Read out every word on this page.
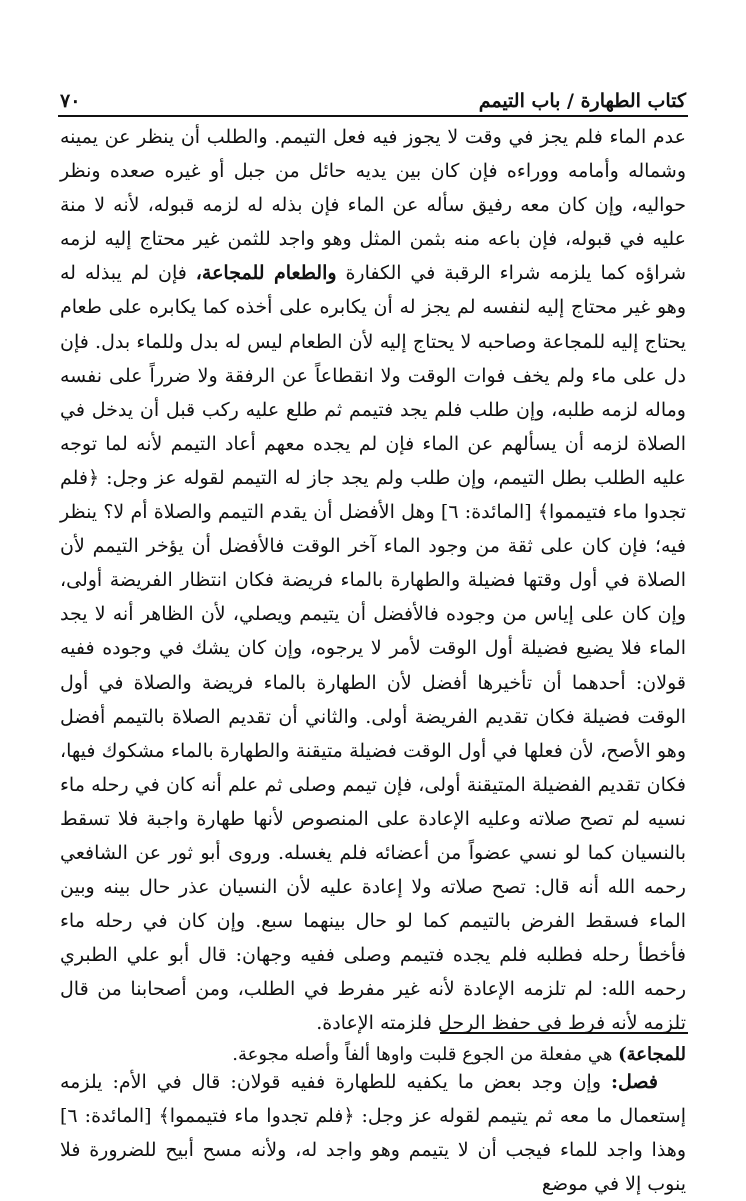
كتاب الطهارة / باب التيمم
٧٠

عدم الماء فلم يجز في وقت لا يجوز فيه فعل التيمم. والطلب أن ينظر عن يمينه وشماله وأمامه ووراءه فإن كان بين يديه حائل من جبل أو غيره صعده ونظر حواليه، وإن كان معه رفيق سأله عن الماء فإن بذله له لزمه قبوله، لأنه لا منة عليه في قبوله، فإن باعه منه بثمن المثل وهو واجد للثمن غير محتاج إليه لزمه شراؤه كما يلزمه شراء الرقبة في الكفارة والطعام للمجاعة، فإن لم يبذله له وهو غير محتاج إليه لنفسه لم يجز له أن يكابره على أخذه كما يكابره على طعام يحتاج إليه للمجاعة وصاحبه لا يحتاج إليه لأن الطعام ليس له بدل وللماء بدل. فإن دل على ماء ولم يخف فوات الوقت ولا انقطاعاً عن الرفقة ولا ضرراً على نفسه وماله لزمه طلبه، وإن طلب فلم يجد فتيمم ثم طلع عليه ركب قبل أن يدخل في الصلاة لزمه أن يسألهم عن الماء فإن لم يجده معهم أعاد التيمم لأنه لما توجه عليه الطلب بطل التيمم، وإن طلب ولم يجد جاز له التيمم لقوله عز وجل: ﴿فلم تجدوا ماء فتيمموا﴾ [المائدة: ٦] وهل الأفضل أن يقدم التيمم والصلاة أم لا؟ ينظر فيه؛ فإن كان على ثقة من وجود الماء آخر الوقت فالأفضل أن يؤخر التيمم لأن الصلاة في أول وقتها فضيلة والطهارة بالماء فريضة فكان انتظار الفريضة أولى، وإن كان على إياس من وجوده فالأفضل أن يتيمم ويصلي، لأن الظاهر أنه لا يجد الماء فلا يضيع فضيلة أول الوقت لأمر لا يرجوه، وإن كان يشك في وجوده ففيه قولان: أحدهما أن تأخيرها أفضل لأن الطهارة بالماء فريضة والصلاة في أول الوقت فضيلة فكان تقديم الفريضة أولى. والثاني أن تقديم الصلاة بالتيمم أفضل وهو الأصح، لأن فعلها في أول الوقت فضيلة متيقنة والطهارة بالماء مشكوك فيها، فكان تقديم الفضيلة المتيقنة أولى، فإن تيمم وصلى ثم علم أنه كان في رحله ماء نسيه لم تصح صلاته وعليه الإعادة على المنصوص لأنها طهارة واجبة فلا تسقط بالنسيان كما لو نسي عضواً من أعضائه فلم يغسله. وروى أبو ثور عن الشافعي رحمه الله أنه قال: تصح صلاته ولا إعادة عليه لأن النسيان عذر حال بينه وبين الماء فسقط الفرض بالتيمم كما لو حال بينهما سبع. وإن كان في رحله ماء فأخطأ رحله فطلبه فلم يجده فتيمم وصلى ففيه وجهان: قال أبو علي الطبري رحمه الله: لم تلزمه الإعادة لأنه غير مفرط في الطلب، ومن أصحابنا من قال تلزمه لأنه فرط في حفظ الرحل فلزمته الإعادة.

فصل: وإن وجد بعض ما يكفيه للطهارة ففيه قولان: قال في الأم: يلزمه إستعمال ما معه ثم يتيمم لقوله عز وجل: ﴿فلم تجدوا ماء فتيمموا﴾ [المائدة: ٦] وهذا واجد للماء فيجب أن لا يتيمم وهو واجد له، ولأنه مسح أبيح للضرورة فلا ينوب إلا في موضع

للمجاعة) هي مفعلة من الجوع قلبت واوها ألفاً وأصله مجوعة.
